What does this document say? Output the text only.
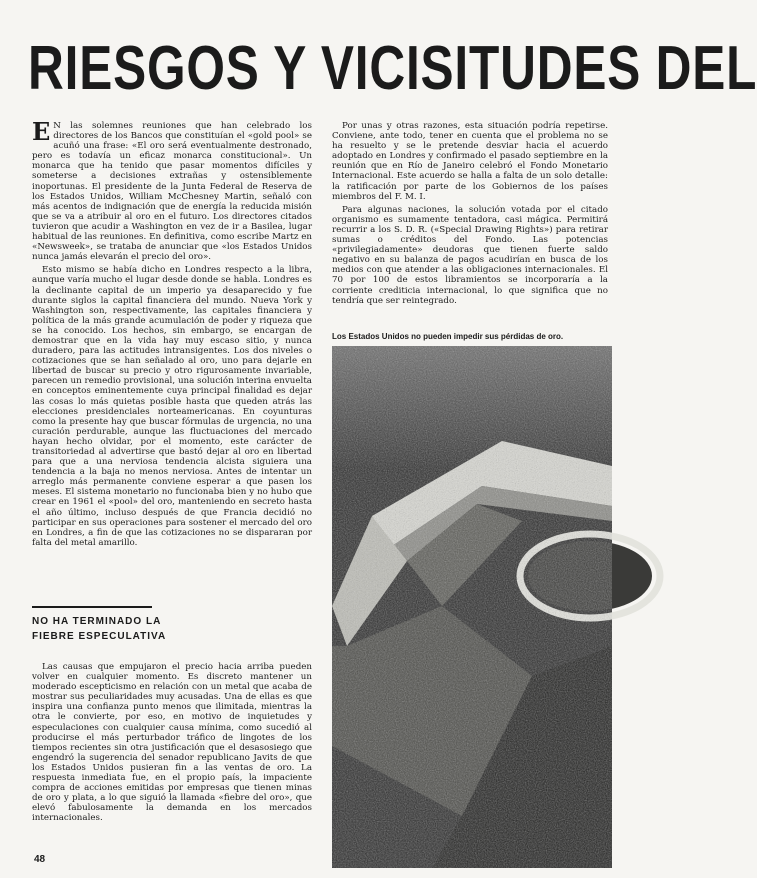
RIESGOS Y VICISITUDES DEL

E N las solemnes reuniones que han celebrado los directores de los Bancos que constituían el «gold pool» se acuñó una frase: «El oro será eventualmente destronado, pero es todavía un eficaz monarca constitucional». Un monarca que ha tenido que pasar momentos difíciles y someterse a decisiones extrañas y ostensiblemente inoportunas. El presidente de la Junta Federal de Reserva de los Estados Unidos, William McChesney Martin, señaló con más acentos de indignación que de energía la reducida misión que se va a atribuir al oro en el futuro. Los directores citados tuvieron que acudir a Washington en vez de ir a Basilea, lugar habitual de las reuniones. En definitiva, como escribe Martz en «Newsweek», se trataba de anunciar que «los Estados Unidos nunca jamás elevarán el precio del oro».

Esto mismo se había dicho en Londres respecto a la libra, aunque varía mucho el lugar desde donde se habla. Londres es la declinante capital de un imperio ya desaparecido y fue durante siglos la capital financiera del mundo. Nueva York y Washington son, respectivamente, las capitales financiera y política de la más grande acumulación de poder y riqueza que se ha conocido. Los hechos, sin embargo, se encargan de demostrar que en la vida hay muy escaso sitio, y nunca duradero, para las actitudes intransigentes. Los dos niveles o cotizaciones que se han señalado al oro, uno para dejarle en libertad de buscar su precio y otro rigurosamente invariable, parecen un remedio provisional, una solución interina envuelta en conceptos eminentemente cuya principal finalidad es dejar las cosas lo más quietas posible hasta que queden atrás las elecciones presidenciales norteamericanas. En coyunturas como la presente hay que buscar fórmulas de urgencia, no una curación perdurable, aunque las fluctuaciones del mercado hayan hecho olvidar, por el momento, este carácter de transitoriedad al advertirse que bastó dejar al oro en libertad para que a una nerviosa tendencia alcista siguiera una tendencia a la baja no menos nerviosa. Antes de intentar un arreglo más permanente conviene esperar a que pasen los meses. El sistema monetario no funcionaba bien y no hubo que crear en 1961 el «pool» del oro, manteniendo en secreto hasta el año último, incluso después de que Francia decidió no participar en sus operaciones para sostener el mercado del oro en Londres, a fin de que las cotizaciones no se dispararan por falta del metal amarillo.

NO HA TERMINADO LA FIEBRE ESPECULATIVA

Las causas que empujaron el precio hacia arriba pueden volver en cualquier momento. Es discreto mantener un moderado escepticismo en relación con un metal que acaba de mostrar sus peculiaridades muy acusadas. Una de ellas es que inspira una confianza punto menos que ilimitada, mientras la otra le convierte, por eso, en motivo de inquietudes y especulaciones con cualquier causa mínima, como sucedió al producirse el más perturbador tráfico de lingotes de los tiempos recientes sin otra justificación que el desasosiego que engendró la sugerencia del senador republicano Javits de que los Estados Unidos pusieran fin a las ventas de oro. La respuesta inmediata fue, en el propio país, la impaciente compra de acciones emitidas por empresas que tienen minas de oro y plata, a lo que siguió la llamada «fiebre del oro», que elevó fabulosamente la demanda en los mercados internacionales.

Por unas y otras razones, esta situación podría repetirse. Conviene, ante todo, tener en cuenta que el problema no se ha resuelto y se le pretende desviar hacia el acuerdo adoptado en Londres y confirmado el pasado septiembre en la reunión que en Río de Janeiro celebró el Fondo Monetario Internacional. Este acuerdo se halla a falta de un solo detalle: la ratificación por parte de los Gobiernos de los países miembros del F. M. I.

Para algunas naciones, la solución votada por el citado organismo es sumamente tentadora, casi mágica. Permitirá recurrir a los S. D. R. («Special Drawing Rights») para retirar sumas o créditos del Fondo. Las potencias «privilegiadamente» deudoras que tienen fuerte saldo negativo en su balanza de pagos acudirían en busca de los medios con que atender a las obligaciones internacionales. El 70 por 100 de estos libramientos se incorporaría a la corriente crediticia internacional, lo que significa que no tendría que ser reintegrado.

Los Estados Unidos no pueden impedir sus pérdidas de oro.

48
